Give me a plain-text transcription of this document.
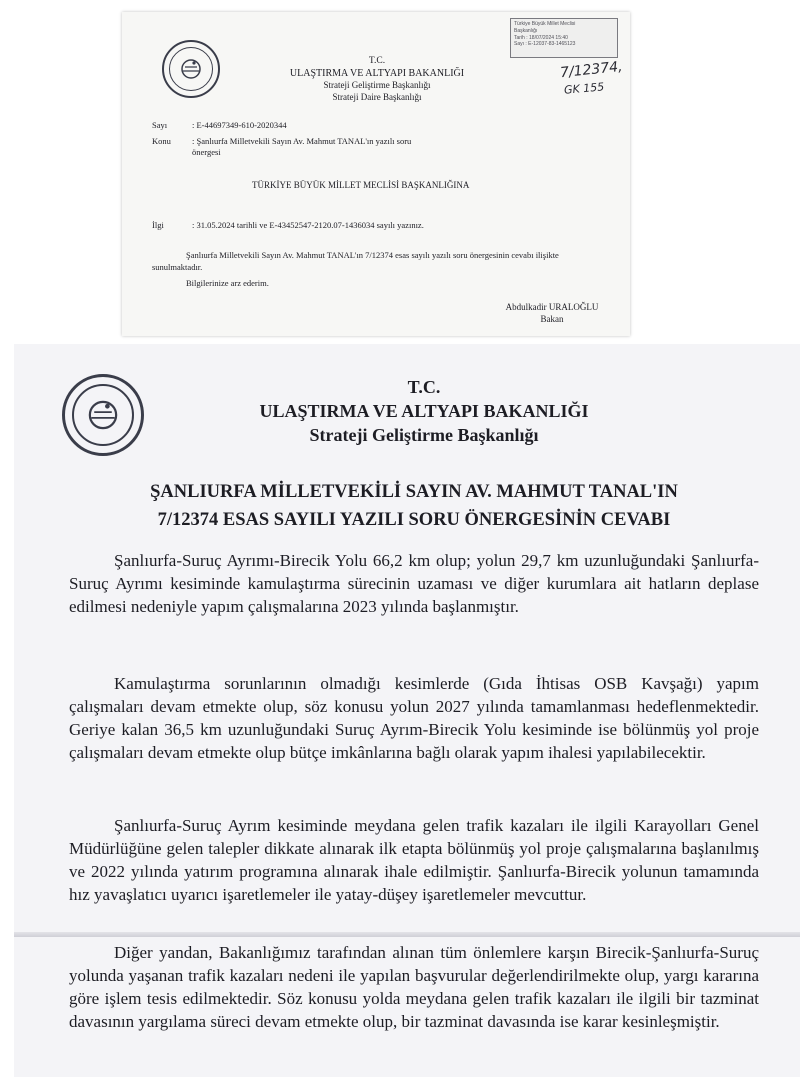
T.C.
ULAŞTIRMA VE ALTYAPI BAKANLIĞI
Strateji Geliştirme Başkanlığı
Strateji Daire Başkanlığı
Türkiye Büyük Millet Meclisi
Başkanlığı
Tarih : 18/07/2024 15:40
Sayı : E-12037-83-1465123
7/12374,
GK 155
Sayı	: E-44697349-610-2020344
Konu : Şanlıurfa Milletvekili Sayın Av. Mahmut TANAL'ın yazılı soru önergesi
TÜRKİYE BÜYÜK MİLLET MECLİSİ BAŞKANLIĞINA
İlgi	: 31.05.2024 tarihli ve E-43452547-2120.07-1436034 sayılı yazınız.
Şanlıurfa Milletvekili Sayın Av. Mahmut TANAL'ın 7/12374 esas sayılı yazılı soru önergesinin cevabı ilişikte sunulmaktadır.
Bilgilerinize arz ederim.
Abdulkadir URALOĞLU
Bakan
T.C.
ULAŞTIRMA VE ALTYAPI BAKANLIĞI
Strateji Geliştirme Başkanlığı
ŞANLIURFA MİLLETVEKİLİ SAYIN AV. MAHMUT TANAL'IN
7/12374 ESAS SAYILI YAZILI SORU ÖNERGESİNİN CEVABI
Şanlıurfa-Suruç Ayrımı-Birecik Yolu 66,2 km olup; yolun 29,7 km uzunluğundaki Şanlıurfa-Suruç Ayrımı kesiminde kamulaştırma sürecinin uzaması ve diğer kurumlara ait hatların deplase edilmesi nedeniyle yapım çalışmalarına 2023 yılında başlanmıştır.
Kamulaştırma sorunlarının olmadığı kesimlerde (Gıda İhtisas OSB Kavşağı) yapım çalışmaları devam etmekte olup, söz konusu yolun 2027 yılında tamamlanması hedeflenmektedir. Geriye kalan 36,5 km uzunluğundaki Suruç Ayrım-Birecik Yolu kesiminde ise bölünmüş yol proje çalışmaları devam etmekte olup bütçe imkânlarına bağlı olarak yapım ihalesi yapılabilecektir.
Şanlıurfa-Suruç Ayrım kesiminde meydana gelen trafik kazaları ile ilgili Karayolları Genel Müdürlüğüne gelen talepler dikkate alınarak ilk etapta bölünmüş yol proje çalışmalarına başlanılmış ve 2022 yılında yatırım programına alınarak ihale edilmiştir. Şanlıurfa-Birecik yolunun tamamında hız yavaşlatıcı uyarıcı işaretlemeler ile yatay-düşey işaretlemeler mevcuttur.
Diğer yandan, Bakanlığımız tarafından alınan tüm önlemlere karşın Birecik-Şanlıurfa-Suruç yolunda yaşanan trafik kazaları nedeni ile yapılan başvurular değerlendirilmekte olup, yargı kararına göre işlem tesis edilmektedir. Söz konusu yolda meydana gelen trafik kazaları ile ilgili bir tazminat davasının yargılama süreci devam etmekte olup, bir tazminat davasında ise karar kesinleşmiştir.
